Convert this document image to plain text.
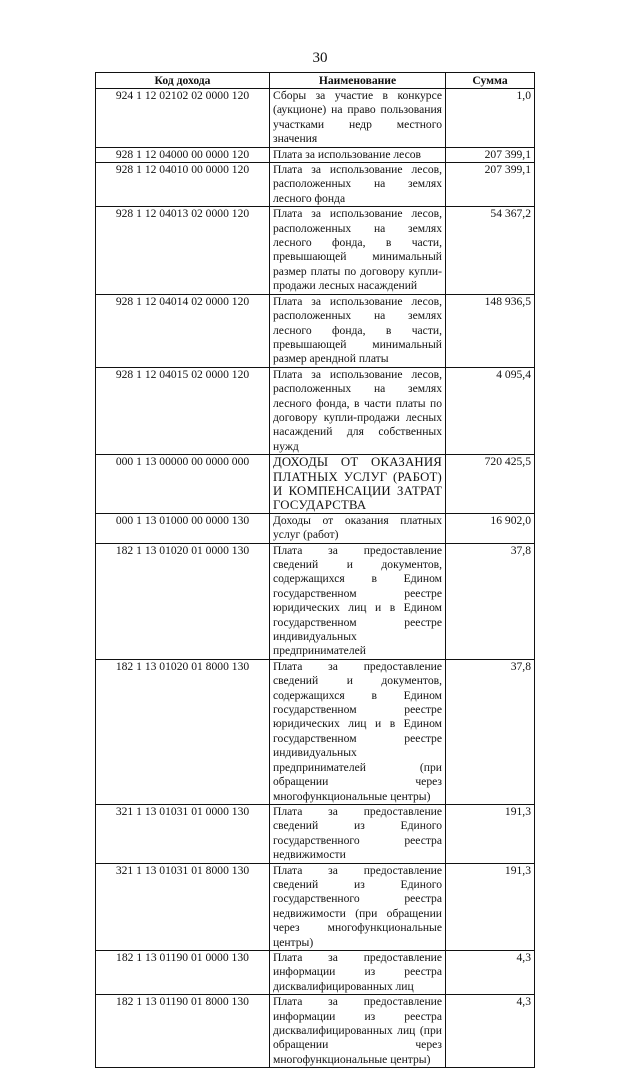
30
Код дохода	Наименование	Сумма
924 1 12 02102 02 0000 120	Сборы за участие в конкурсе (аукционе) на право пользования участками недр местного значения	1,0
928 1 12 04000 00 0000 120	Плата за использование лесов	207 399,1
928 1 12 04010 00 0000 120	Плата за использование лесов, расположенных на землях лесного фонда	207 399,1
928 1 12 04013 02 0000 120	Плата за использование лесов, расположенных на землях лесного фонда, в части, превышающей минимальный размер платы по договору купли-продажи лесных насаждений	54 367,2
928 1 12 04014 02 0000 120	Плата за использование лесов, расположенных на землях лесного фонда, в части, превышающей минимальный размер арендной платы	148 936,5
928 1 12 04015 02 0000 120	Плата за использование лесов, расположенных на землях лесного фонда, в части платы по договору купли-продажи лесных насаждений для собственных нужд	4 095,4
000 1 13 00000 00 0000 000	ДОХОДЫ ОТ ОКАЗАНИЯ ПЛАТНЫХ УСЛУГ (РАБОТ) И КОМПЕНСАЦИИ ЗАТРАТ ГОСУДАРСТВА	720 425,5
000 1 13 01000 00 0000 130	Доходы от оказания платных услуг (работ)	16 902,0
182 1 13 01020 01 0000 130	Плата за предоставление сведений и документов, содержащихся в Едином государственном реестре юридических лиц и в Едином государственном реестре индивидуальных предпринимателей	37,8
182 1 13 01020 01 8000 130	Плата за предоставление сведений и документов, содержащихся в Едином государственном реестре юридических лиц и в Едином государственном реестре индивидуальных предпринимателей (при обращении через многофункциональные центры)	37,8
321 1 13 01031 01 0000 130	Плата за предоставление сведений из Единого государственного реестра недвижимости	191,3
321 1 13 01031 01 8000 130	Плата за предоставление сведений из Единого государственного реестра недвижимости (при обращении через многофункциональные центры)	191,3
182 1 13 01190 01 0000 130	Плата за предоставление информации из реестра дисквалифицированных лиц	4,3
182 1 13 01190 01 8000 130	Плата за предоставление информации из реестра дисквалифицированных лиц (при обращении через многофункциональные центры)	4,3
